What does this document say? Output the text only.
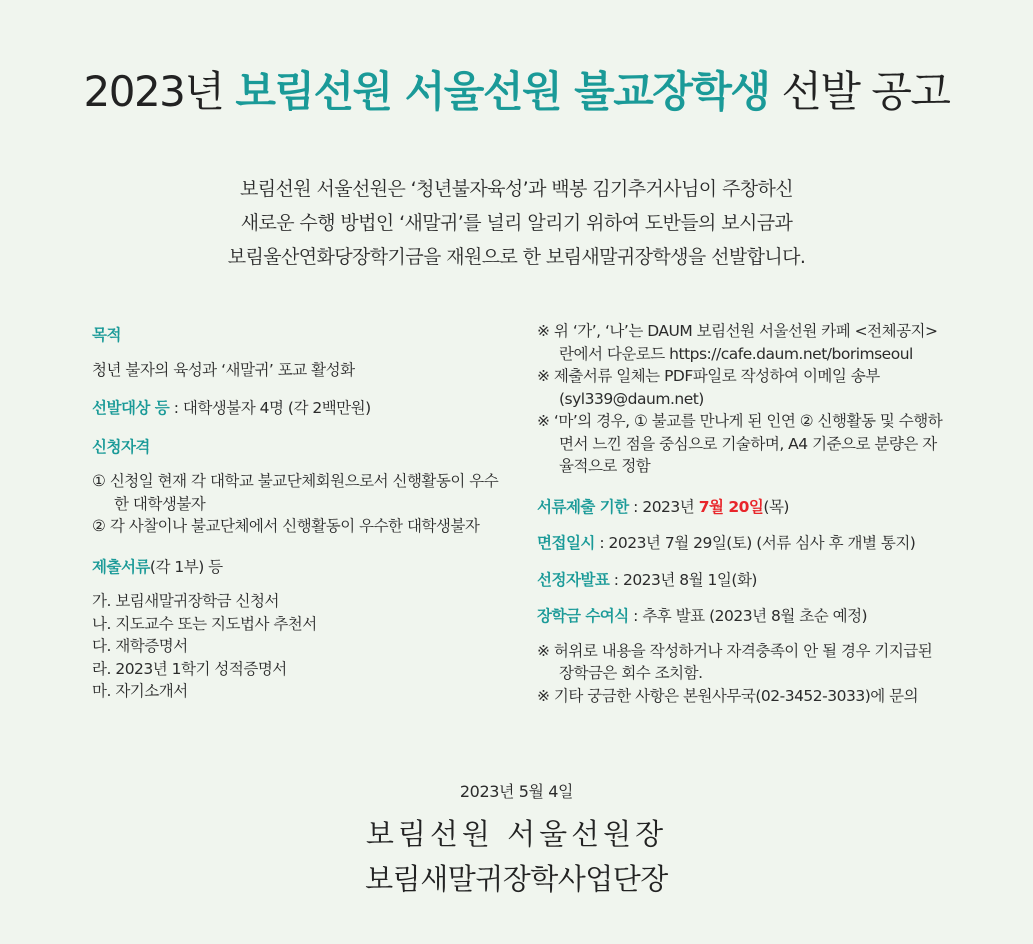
2023년 보림선원 서울선원 불교장학생 선발 공고
보림선원 서울선원은 ‘청년불자육성’과 백봉 김기추거사님이 주창하신
새로운 수행 방법인 ‘새말귀’를 널리 알리기 위하여 도반들의 보시금과
보림울산연화당장학기금을 재원으로 한 보림새말귀장학생을 선발합니다.
목적
청년 불자의 육성과 ‘새말귀’ 포교 활성화
선발대상 등 : 대학생불자 4명 (각 2백만원)
신청자격
① 신청일 현재 각 대학교 불교단체회원으로서 신행활동이 우수한 대학생불자
② 각 사찰이나 불교단체에서 신행활동이 우수한 대학생불자
제출서류(각 1부) 등
가. 보림새말귀장학금 신청서
나. 지도교수 또는 지도법사 추천서
다. 재학증명서
라. 2023년 1학기 성적증명서
마. 자기소개서
※ 위 ‘가’, ‘나’는 DAUM 보림선원 서울선원 카페 <전체공지>란에서 다운로드 https://cafe.daum.net/borimseoul
※ 제출서류 일체는 PDF파일로 작성하여 이메일 송부 (syl339@daum.net)
※ ‘마’의 경우, ① 불교를 만나게 된 인연 ② 신행활동 및 수행하면서 느낀 점을 중심으로 기술하며, A4 기준으로 분량은 자율적으로 정함
서류제출 기한 : 2023년 7월 20일(목)
면접일시 : 2023년 7월 29일(토) (서류 심사 후 개별 통지)
선정자발표 : 2023년 8월 1일(화)
장학금 수여식 : 추후 발표 (2023년 8월 초순 예정)
※ 허위로 내용을 작성하거나 자격충족이 안 될 경우 기지급된 장학금은 회수 조치함.
※ 기타 궁금한 사항은 본원사무국(02-3452-3033)에 문의
2023년 5월 4일
보림선원 서울선원장
보림새말귀장학사업단장
